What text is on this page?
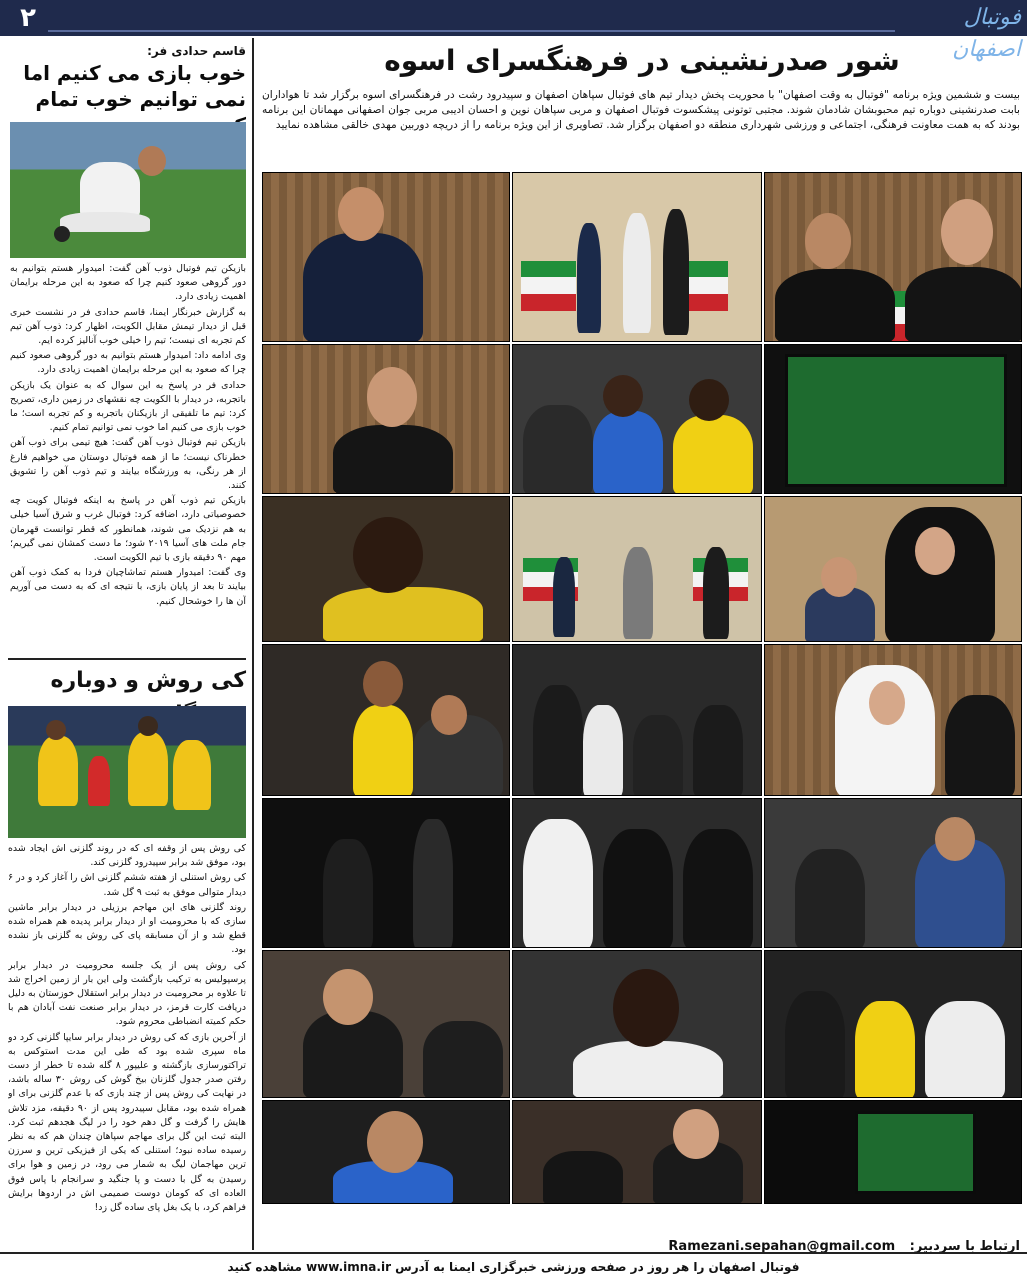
۲	فوتبال اصفهان
قاسم حدادی فر:
خوب بازی می کنیم اما نمی توانیم خوب تمام

بازیکن تیم فوتبال ذوب آهن گفت: امیدوار هستم بتوانیم به دور گروهی صعود کنیم چرا که صعود به این مرحله برایمان اهمیت زیادی دارد.

به گزارش خبرنگار ایمنا، قاسم حدادی فر در نشست خبری قبل از دیدار تیمش مقابل الکویت، اظهار کرد: ذوب آهن تیم کم تجربه ای نیست؛ تیم را خیلی خوب آنالیز کرده ایم.

وی ادامه داد: امیدوار هستم بتوانیم به دور گروهی صعود کنیم چرا که صعود به این مرحله برایمان اهمیت زیادی دارد.

حدادی فر در پاسخ به این سوال که به عنوان یک بازیکن باتجربه، در دیدار با الکویت چه نقشهای در زمین داری، تصریح کرد: تیم ما تلفیقی از بازیکنان باتجربه و کم تجربه است؛ ما خوب بازی می کنیم اما خوب نمی توانیم تمام کنیم.

بازیکن تیم فوتبال ذوب آهن گفت: هیچ تیمی برای ذوب آهن خطرناک نیست؛ ما از همه فوتبال دوستان می خواهیم فارغ از هر رنگی، به ورزشگاه بیایند و تیم ذوب آهن را تشویق کنند.

بازیکن تیم ذوب آهن در پاسخ به اینکه فوتبال کویت چه خصوصیاتی دارد، اضافه کرد: فوتبال غرب و شرق آسیا خیلی به هم نزدیک می شوند، همانطور که قطر توانست قهرمان جام ملت های آسیا ۲۰۱۹ شود؛ ما دست کمشان نمی گیریم؛ مهم ۹۰ دقیقه بازی با تیم الکویت است.

وی گفت: امیدوار هستم تماشاچیان فردا به کمک ذوب آهن بیایند تا بعد از پایان بازی، با نتیجه ای که به دست می آوریم آن ها را خوشحال کنیم.

کی روش و دوباره

کی روش پس از وقفه ای که در روند گلزنی اش ایجاد شده بود، موفق شد برابر سپیدرود گلزنی کند.

کی روش استنلی از هفته ششم گلزنی اش را آغاز کرد و در ۶ دیدار متوالی موفق به ثبت ۹ گل شد.

روند گلزنی های این مهاجم برزیلی در دیدار برابر ماشین سازی که با محرومیت او از دیدار برابر پدیده هم همراه شده قطع شد و از آن مسابقه پای کی روش به گلزنی باز نشده بود.

کی روش پس از یک جلسه محرومیت در دیدار برابر پرسپولیس به ترکیب بازگشت ولی این بار از زمین اخراج شد تا علاوه بر محرومیت در دیدار برابر استقلال خوزستان به دلیل دریافت کارت قرمز، در دیدار برابر صنعت نفت آبادان هم با حکم کمیته انضباطی محروم شود.

از آخرین بازی که کی روش در دیدار برابر سایپا گلزنی کرد دو ماه سپری شده بود که طی این مدت استوکس به تراکتورسازی بازگشته و علیپور ۸ گله شده تا خطر از دست رفتن صدر جدول گلزنان بیخ گوش کی روش ۳۰ ساله باشد، در نهایت کی روش پس از چند بازی که با عدم گلزنی برای او همراه شده بود، مقابل سپیدرود پس از ۹۰ دقیقه، مزد تلاش هایش را گرفت و گل دهم خود را در لیگ هجدهم ثبت کرد. البته ثبت این گل برای مهاجم سپاهان چندان هم که به نظر رسیده ساده نبود؛ استنلی که یکی از فیزیکی ترین و سرزن ترین مهاجمان لیگ به شمار می رود، در زمین و هوا برای رسیدن به گل با دست و پا جنگید و سرانجام با پاس فوق العاده ای که کومان دوست صمیمی اش در اردوها برایش فراهم کرد، با یک بغل پای ساده گل زد!

شور صدرنشینی در فرهنگسرای اسوه
بیست و ششمین ویژه برنامه "فوتبال به وقت اصفهان" با محوریت پخش دیدار تیم های فوتبال سپاهان اصفهان و سپیدرود رشت در فرهنگسرای اسوه برگزار شد تا هواداران بابت صدرنشینی دوباره تیم محبوبشان شادمان شوند. مجتبی توتونی پیشکسوت فوتبال اصفهان و مربی سپاهان نوین و احسان ادیبی مربی جوان اصفهانی مهمانان این برنامه بودند که به همت معاونت فرهنگی، اجتماعی و ورزشی شهرداری منطقه دو اصفهان برگزار شد. تصاویری از این ویژه برنامه را از دریچه دوربین مهدی خالقی مشاهده نمایید
ارتباط با سردبیر: Ramezani.sepahan@gmail.com
فوتبال اصفهان را هر روز در صفحه ورزشی خبرگزاری ایمنا به آدرس www.imna.ir مشاهده کنید
